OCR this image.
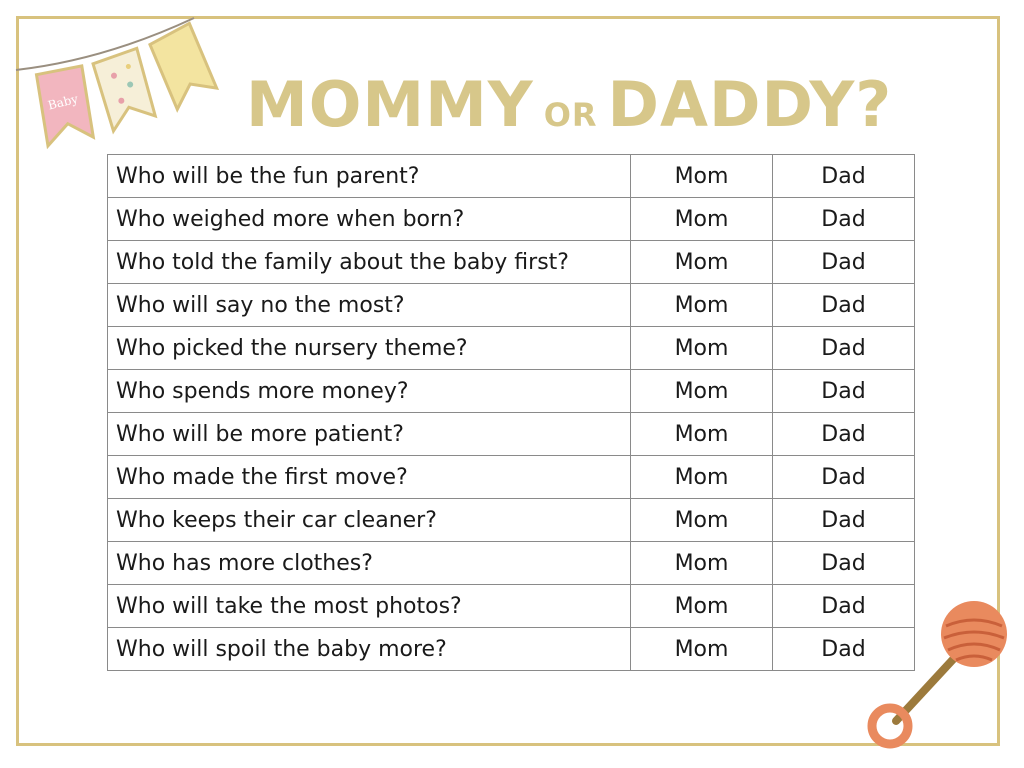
Baby	MOMMY OR DADDY?
Who will be the fun parent?	Mom	Dad
Who weighed more when born?	Mom	Dad
Who told the family about the baby first?	Mom	Dad
Who will say no the most?	Mom	Dad
Who picked the nursery theme?	Mom	Dad
Who spends more money?	Mom	Dad
Who will be more patient?	Mom	Dad
Who made the first move?	Mom	Dad
Who keeps their car cleaner?	Mom	Dad
Who has more clothes?	Mom	Dad
Who will take the most photos?	Mom	Dad
Who will spoil the baby more?	Mom	Dad
